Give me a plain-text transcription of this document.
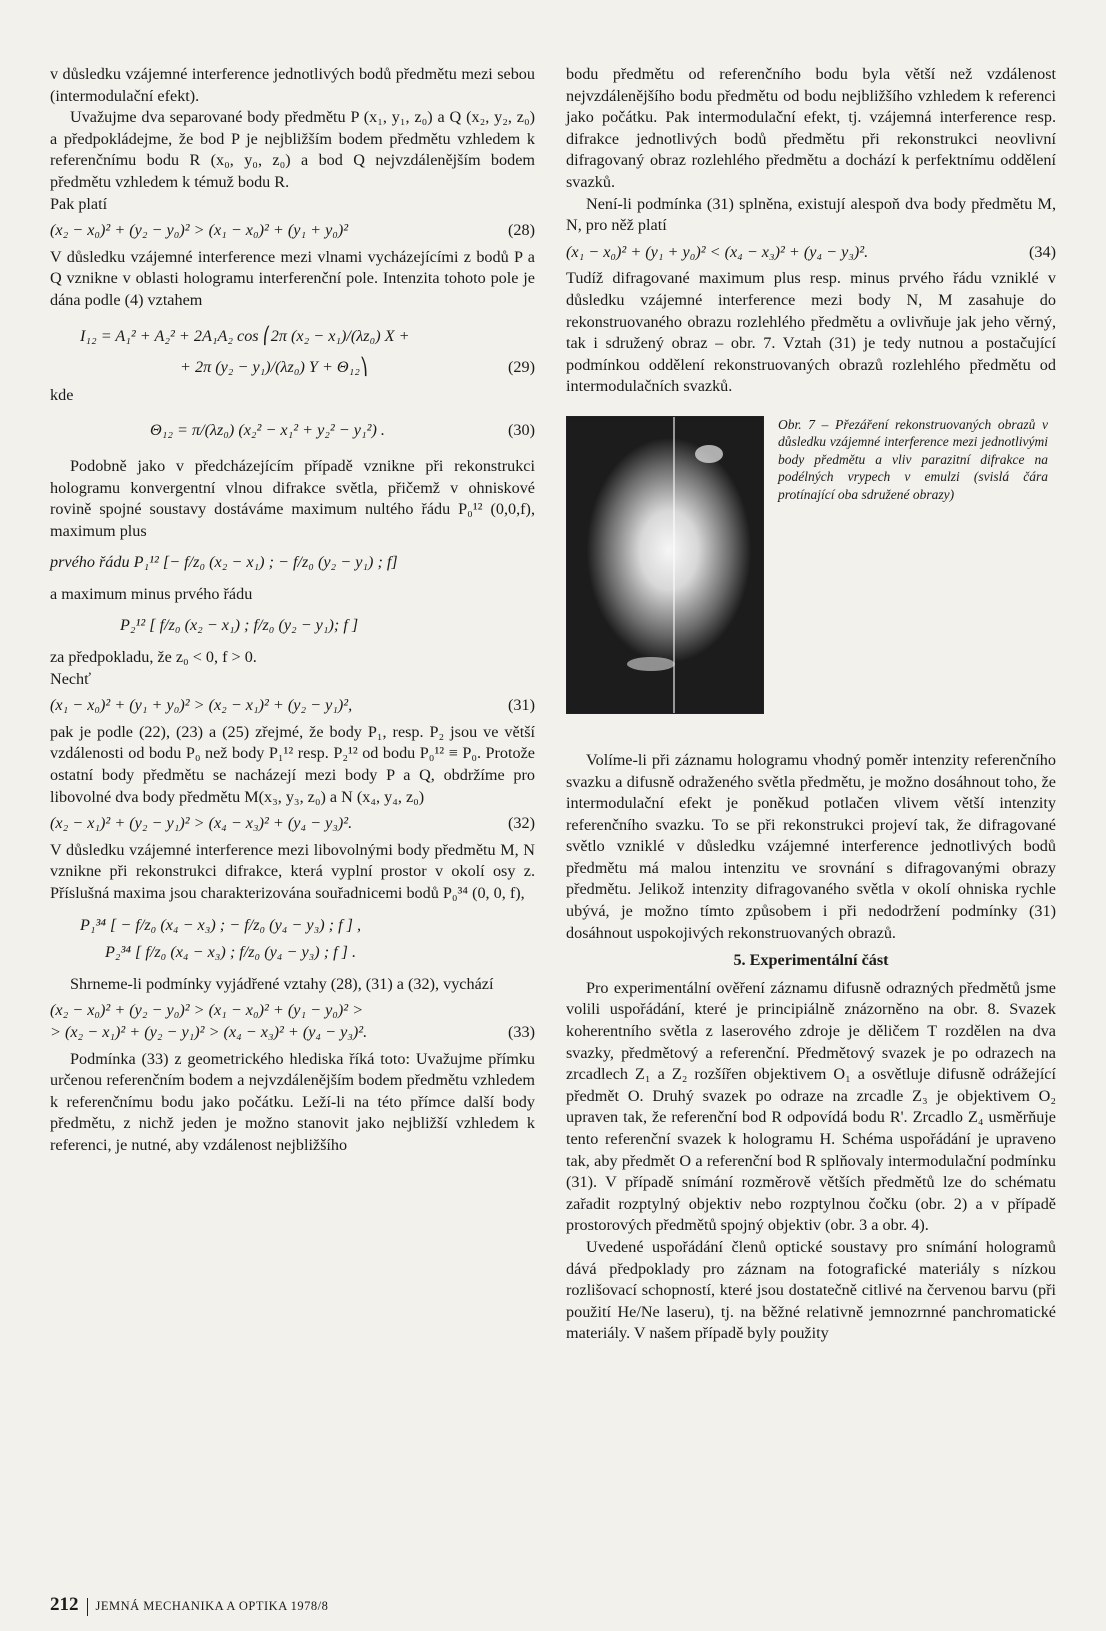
v důsledku vzájemné interference jednotlivých bodů předmětu mezi sebou (intermodulační efekt).

Uvažujme dva separované body předmětu P (x₁, y₁, z₀) a Q (x₂, y₂, z₀) a předpokládejme, že bod P je nejbližším bodem předmětu vzhledem k referenčnímu bodu R (x₀, y₀, z₀) a bod Q nejvzdálenějším bodem předmětu vzhledem k témuž bodu R.

Pak platí

(x₂ − x₀)² + (y₂ − y₀)² > (x₁ − x₀)² + (y₁ + y₀)²	(28)

V důsledku vzájemné interference mezi vlnami vycházejícími z bodů P a Q vznikne v oblasti hologramu interferenční pole. Intenzita tohoto pole je dána podle (4) vztahem

I₁₂ = A₁² + A₂² + 2A₁A₂ cos ⎛2π (x₂ − x₁)/(λz₀) X +
+ 2π (y₂ − y₁)/(λz₀) Y + Θ₁₂⎞	(29)

kde

Θ₁₂ = π/(λz₀) (x₂² − x₁² + y₂² − y₁²) .	(30)

Podobně jako v předcházejícím případě vznikne při rekonstrukci hologramu konvergentní vlnou difrakce světla, přičemž v ohniskové rovině spojné soustavy dostáváme maximum nultého řádu P₀¹² (0,0,f), maximum plus

prvého řádu P₁¹² [− f/z₀ (x₂ − x₁) ; − f/z₀ (y₂ − y₁) ; f]

a maximum minus prvého řádu

P₂¹² [ f/z₀ (x₂ − x₁) ; f/z₀ (y₂ − y₁); f ]

za předpokladu, že z₀ < 0, f > 0.

Nechť

(x₁ − x₀)² + (y₁ + y₀)² > (x₂ − x₁)² + (y₂ − y₁)²,	(31)

pak je podle (22), (23) a (25) zřejmé, že body P₁, resp. P₂ jsou ve větší vzdálenosti od bodu P₀ než body P₁¹² resp. P₂¹² od bodu P₀¹² ≡ P₀. Protože ostatní body předmětu se nacházejí mezi body P a Q, obdržíme pro libovolné dva body předmětu M(x₃, y₃, z₀) a N (x₄, y₄, z₀)

(x₂ − x₁)² + (y₂ − y₁)² > (x₄ − x₃)² + (y₄ − y₃)².	(32)

V důsledku vzájemné interference mezi libovolnými body předmětu M, N vznikne při rekonstrukci difrakce, která vyplní prostor v okolí osy z. Příslušná maxima jsou charakterizována souřadnicemi bodů P₀³⁴ (0, 0, f),

P₁³⁴ [ − f/z₀ (x₄ − x₃) ; − f/z₀ (y₄ − y₃) ; f ] ,

P₂³⁴ [ f/z₀ (x₄ − x₃) ; f/z₀ (y₄ − y₃) ; f ] .

Shrneme-li podmínky vyjádřené vztahy (28), (31) a (32), vychází

(x₂ − x₀)² + (y₂ − y₀)² > (x₁ − x₀)² + (y₁ − y₀)² >
> (x₂ − x₁)² + (y₂ − y₁)² > (x₄ − x₃)² + (y₄ − y₃)².	(33)

Podmínka (33) z geometrického hlediska říká toto: Uvažujme přímku určenou referenčním bodem a nejvzdálenějším bodem předmětu vzhledem k referenčnímu bodu jako počátku. Leží-li na této přímce další body předmětu, z nichž jeden je možno stanovit jako nejbližší vzhledem k referenci, je nutné, aby vzdálenost nejbližšího

bodu předmětu od referenčního bodu byla větší než vzdálenost nejvzdálenějšího bodu předmětu od bodu nejbližšího vzhledem k referenci jako počátku. Pak intermodulační efekt, tj. vzájemná interference resp. difrakce jednotlivých bodů předmětu při rekonstrukci neovlivní difragovaný obraz rozlehlého předmětu a dochází k perfektnímu oddělení svazků.

Není-li podmínka (31) splněna, existují alespoň dva body předmětu M, N, pro něž platí

(x₁ − x₀)² + (y₁ + y₀)² < (x₄ − x₃)² + (y₄ − y₃)².	(34)

Tudíž difragované maximum plus resp. minus prvého řádu vzniklé v důsledku vzájemné interference mezi body N, M zasahuje do rekonstruovaného obrazu rozlehlého předmětu a ovlivňuje jak jeho věrný, tak i sdružený obraz – obr. 7. Vztah (31) je tedy nutnou a postačující podmínkou oddělení rekonstruovaných obrazů rozlehlého předmětu od intermodulačních svazků.

Obr. 7 – Přezáření rekonstruovaných obrazů v důsledku vzájemné interference mezi jednotlivými body předmětu a vliv parazitní difrakce na podélných vrypech v emulzi (svislá čára protínající oba sdružené obrazy)

Volíme-li při záznamu hologramu vhodný poměr intenzity referenčního svazku a difusně odraženého světla předmětu, je možno dosáhnout toho, že intermodulační efekt je poněkud potlačen vlivem větší intenzity referenčního svazku. To se při rekonstrukci projeví tak, že difragované světlo vzniklé v důsledku vzájemné interference jednotlivých bodů předmětu má malou intenzitu ve srovnání s difragovanými obrazy předmětu. Jelikož intenzity difragovaného světla v okolí ohniska rychle ubývá, je možno tímto způsobem i při nedodržení podmínky (31) dosáhnout uspokojivých rekonstruovaných obrazů.

5. Experimentální část

Pro experimentální ověření záznamu difusně odrazných předmětů jsme volili uspořádání, které je principiálně znázorněno na obr. 8. Svazek koherentního světla z laserového zdroje je děličem T rozdělen na dva svazky, předmětový a referenční. Předmětový svazek je po odrazech na zrcadlech Z₁ a Z₂ rozšířen objektivem O₁ a osvětluje difusně odrážející předmět O. Druhý svazek po odraze na zrcadle Z₃ je objektivem O₂ upraven tak, že referenční bod R odpovídá bodu R'. Zrcadlo Z₄ usměrňuje tento referenční svazek k hologramu H. Schéma uspořádání je upraveno tak, aby předmět O a referenční bod R splňovaly intermodulační podmínku (31). V případě snímání rozměrově větších předmětů lze do schématu zařadit rozptylný objektiv nebo rozptylnou čočku (obr. 2) a v případě prostorových předmětů spojný objektiv (obr. 3 a obr. 4).

Uvedené uspořádání členů optické soustavy pro snímání hologramů dává předpoklady pro záznam na fotografické materiály s nízkou rozlišovací schopností, které jsou dostatečně citlivé na červenou barvu (při použití He/Ne laseru), tj. na běžné relativně jemnozrnné panchromatické materiály. V našem případě byly použity

212 JEMNÁ MECHANIKA A OPTIKA 1978/8
